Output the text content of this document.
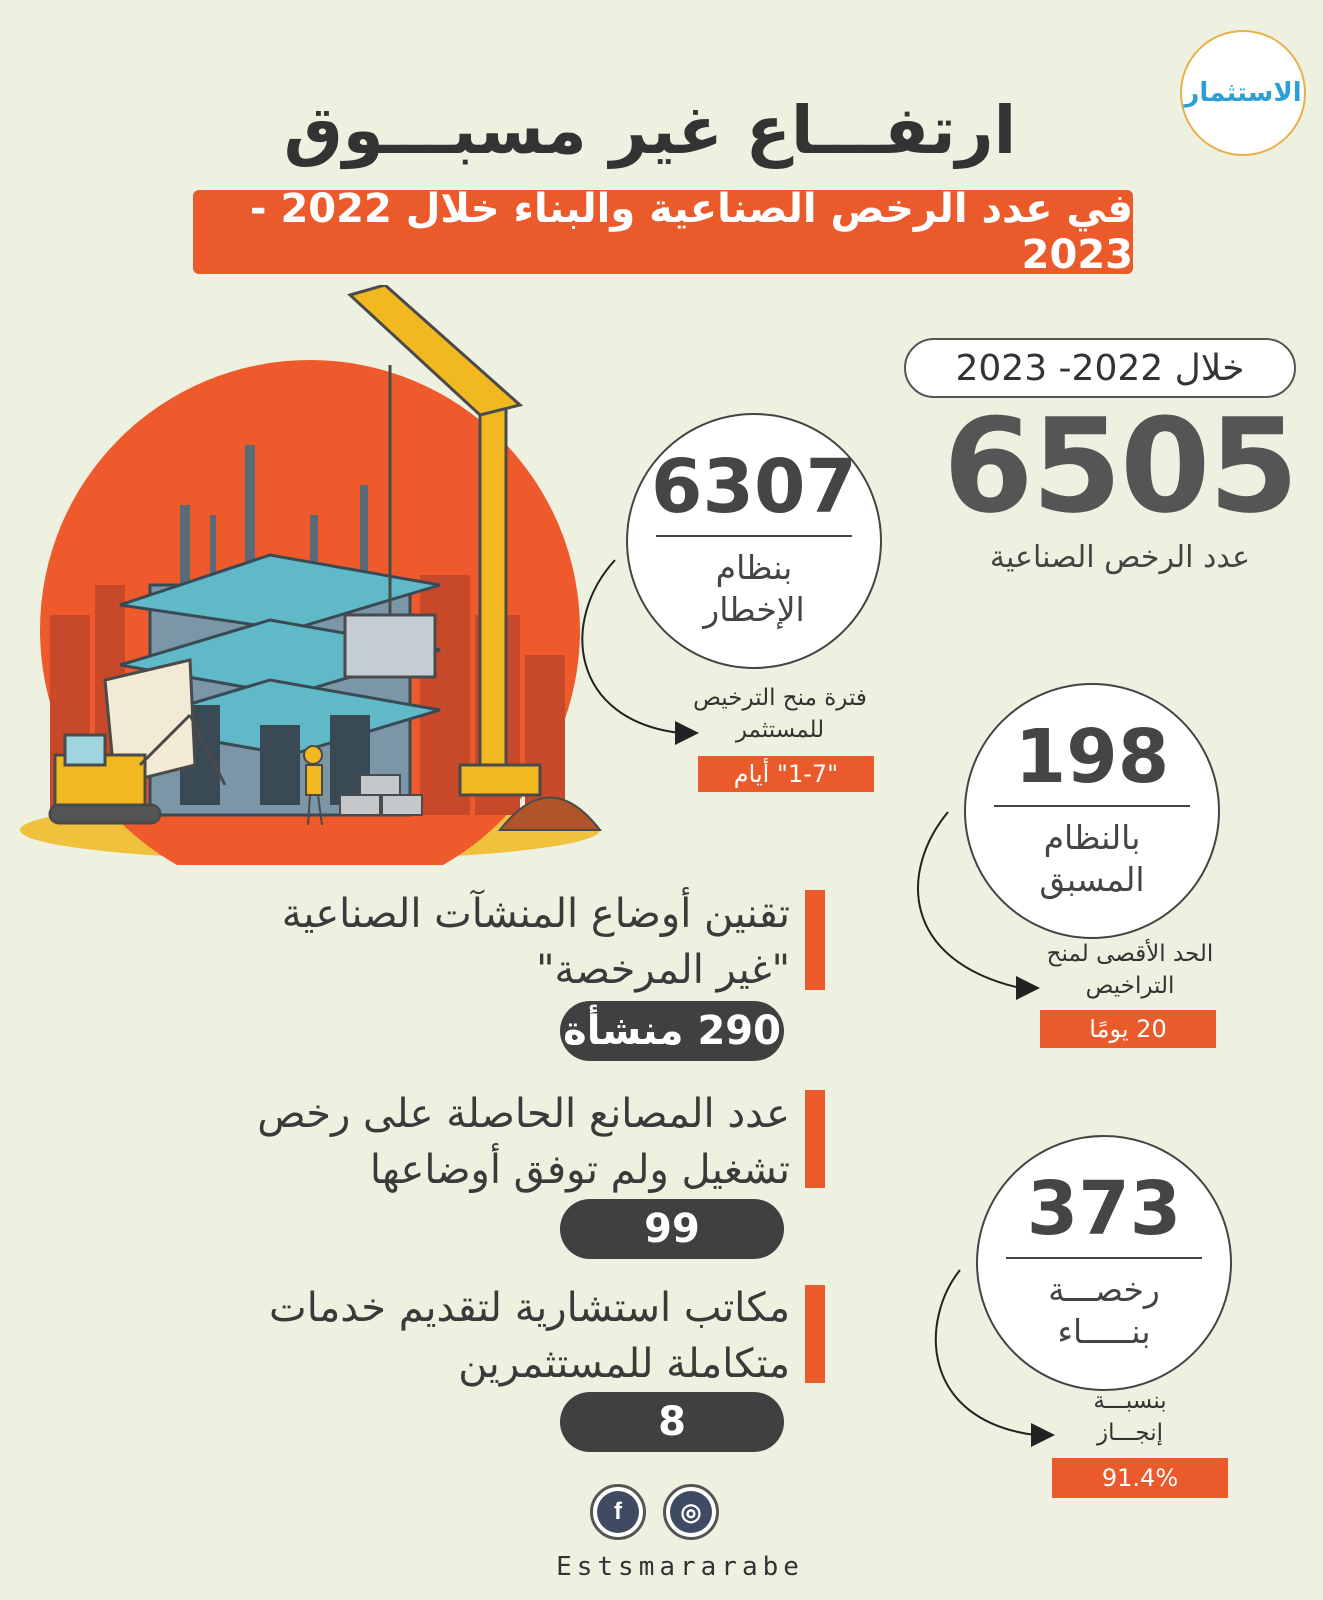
الاستثمار
ارتفـــاع غير مسبـــوق
في عدد الرخص الصناعية والبناء خلال 2022 - 2023
خلال 2022- 2023
6505
عدد الرخص الصناعية
6307
بنظام
الإخطار
فترة منح الترخيص
للمستثمر
"1-7" أيام	198
بالنظام
المسبق
الحد الأقصى لمنح
التراخيص
20 يومًا
373
رخصـــة
بنـــــاء
بنسبـــة
إنجـــاز
91.4%
تقنين أوضاع المنشآت الصناعية
"غير المرخصة"
290 منشأة
عدد المصانع الحاصلة على رخص
تشغيل ولم توفق أوضاعها
99
مكاتب استشارية لتقديم خدمات
متكاملة للمستثمرين
8
f	◎
Estsmararabe
